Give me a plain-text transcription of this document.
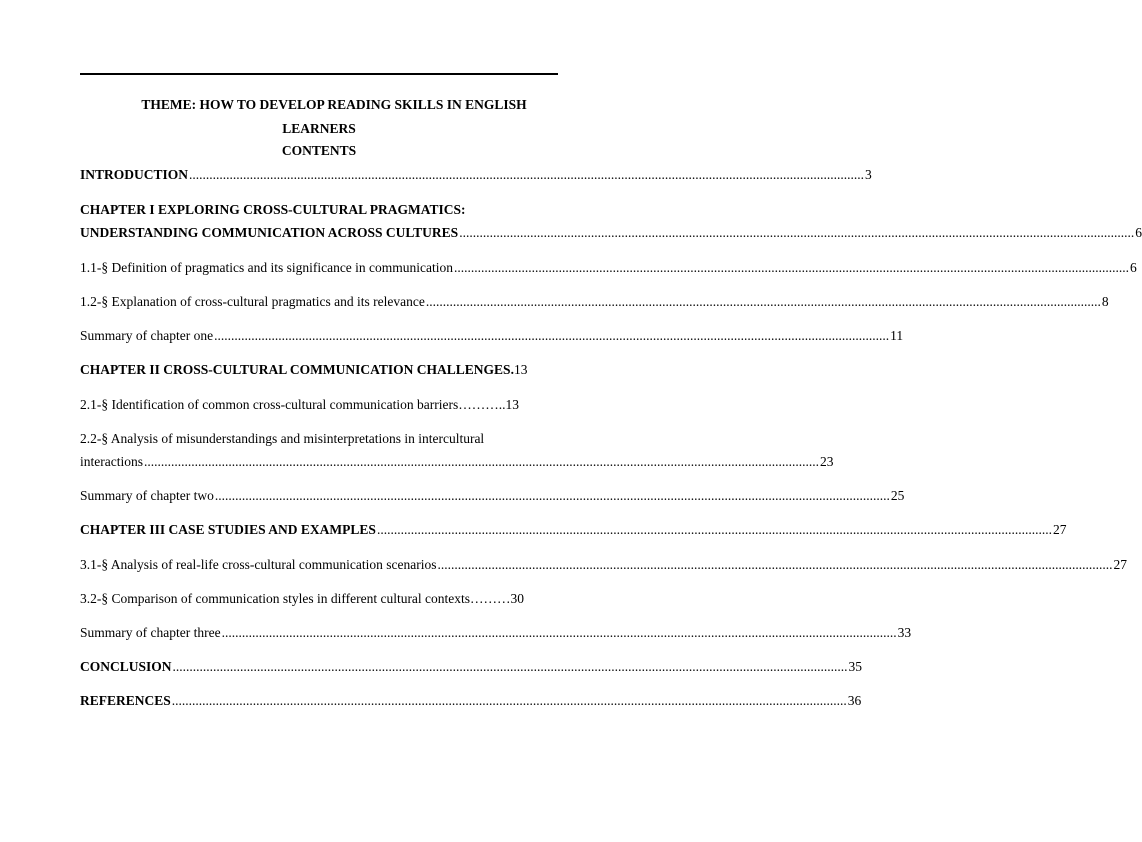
THEME: HOW TO DEVELOP READING SKILLS IN ENGLISH
LEARNERS
CONTENTS
INTRODUCTION ........................................................................................................................................................................................................ 3
CHAPTER I EXPLORING CROSS-CULTURAL PRAGMATICS:
UNDERSTANDING COMMUNICATION ACROSS CULTURES ........................................................................................................................................................................................................ 6
1.1-§ Definition of pragmatics and its significance in communication ........................................................................................................................................................................................................ 6
1.2-§ Explanation of cross-cultural pragmatics and its relevance ........................................................................................................................................................................................................ 8
Summary of chapter one ........................................................................................................................................................................................................ 11
CHAPTER II CROSS-CULTURAL COMMUNICATION CHALLENGES. 13
2.1-§ Identification of common cross-cultural communication barriers ……….. 13
2.2-§ Analysis of misunderstandings and misinterpretations in intercultural
interactions ........................................................................................................................................................................................................ 23
Summary of chapter two ........................................................................................................................................................................................................ 25
CHAPTER III CASE STUDIES AND EXAMPLES ........................................................................................................................................................................................................ 27
3.1-§ Analysis of real-life cross-cultural communication scenarios ........................................................................................................................................................................................................ 27
3.2-§ Comparison of communication styles in different cultural contexts ……… 30
Summary of chapter three ........................................................................................................................................................................................................ 33
CONCLUSION ........................................................................................................................................................................................................ 35
REFERENCES ........................................................................................................................................................................................................ 36
